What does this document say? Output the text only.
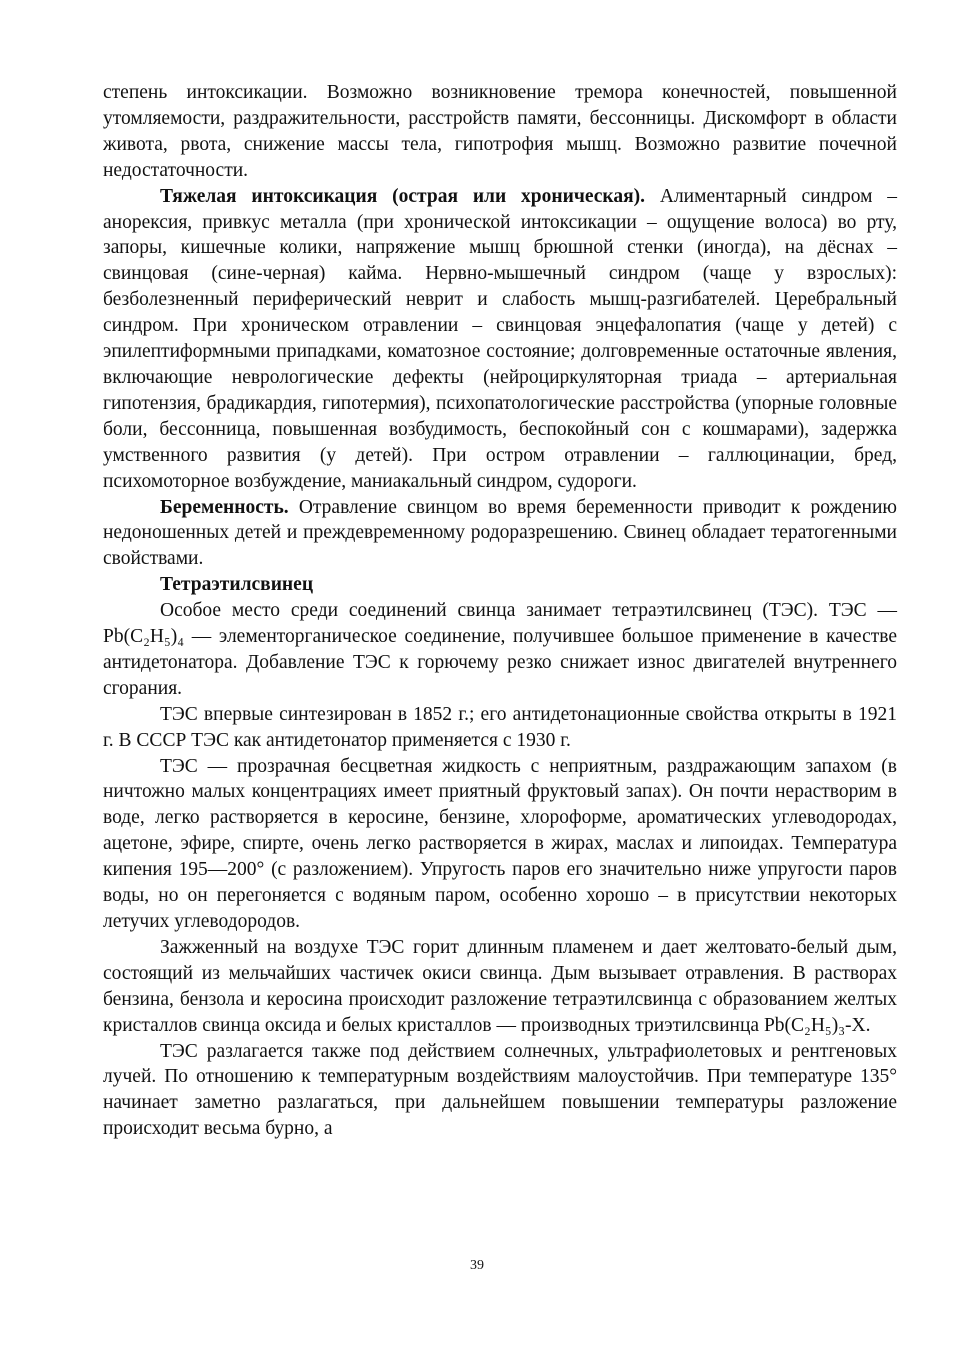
степень интоксикации. Возможно возникновение тремора конечностей, повышенной утомляемости, раздражительности, расстройств памяти, бессонницы. Дискомфорт в области живота, рвота, снижение массы тела, гипотрофия мышц. Возможно развитие почечной недостаточности.

Тяжелая интоксикация (острая или хроническая). Алиментарный синдром – анорексия, привкус металла (при хронической интоксикации – ощущение волоса) во рту, запоры, кишечные колики, напряжение мышц брюшной стенки (иногда), на дёснах – свинцовая (сине-черная) кайма. Нервно-мышечный синдром (чаще у взрослых): безболезненный периферический неврит и слабость мышц-разгибателей. Церебральный синдром. При хроническом отравлении – свинцовая энцефалопатия (чаще у детей) с эпилептиформными припадками, коматозное состояние; долговременные остаточные явления, включающие неврологические дефекты (нейроциркуляторная триада – артериальная гипотензия, брадикардия, гипотермия), психопатологические расстройства (упорные головные боли, бессонница, повышенная возбудимость, беспокойный сон с кошмарами), задержка умственного развития (у детей). При остром отравлении – галлюцинации, бред, психомоторное возбуждение, маниакальный синдром, судороги.

Беременность. Отравление свинцом во время беременности приводит к рождению недоношенных детей и преждевременному родоразрешению. Свинец обладает тератогенными свойствами.

Тетраэтилсвинец

Особое место среди соединений свинца занимает тетраэтилсвинец (ТЭС). ТЭС — Pb(C₂H₅)₄ — элементорганическое соединение, получившее большое применение в качестве антидетонатора. Добавление ТЭС к горючему резко снижает износ двигателей внутреннего сгорания.

ТЭС впервые синтезирован в 1852 г.; его антидетонационные свойства открыты в 1921 г. В СССР ТЭС как антидетонатор применяется с 1930 г.

ТЭС — прозрачная бесцветная жидкость с неприятным, раздражающим запахом (в ничтожно малых концентрациях имеет приятный фруктовый запах). Он почти нерастворим в воде, легко растворяется в керосине, бензине, хлороформе, ароматических углеводородах, ацетоне, эфире, спирте, очень легко растворяется в жирах, маслах и липоидах. Температура кипения 195—200° (с разложением). Упругость паров его значительно ниже упругости паров воды, но он перегоняется с водяным паром, особенно хорошо – в присутствии некоторых летучих углеводородов.

Зажженный на воздухе ТЭС горит длинным пламенем и дает желтовато-белый дым, состоящий из мельчайших частичек окиси свинца. Дым вызывает отравления. В растворах бензина, бензола и керосина происходит разложение тетраэтилсвинца с образованием желтых кристаллов свинца оксида и белых кристаллов — производных триэтилсвинца Pb(C₂H₅)₃-X.

ТЭС разлагается также под действием солнечных, ультрафиолетовых и рентгеновых лучей. По отношению к температурным воздействиям малоустойчив. При температуре 135° начинает заметно разлагаться, при дальнейшем повышении температуры разложение происходит весьма бурно, а

39
